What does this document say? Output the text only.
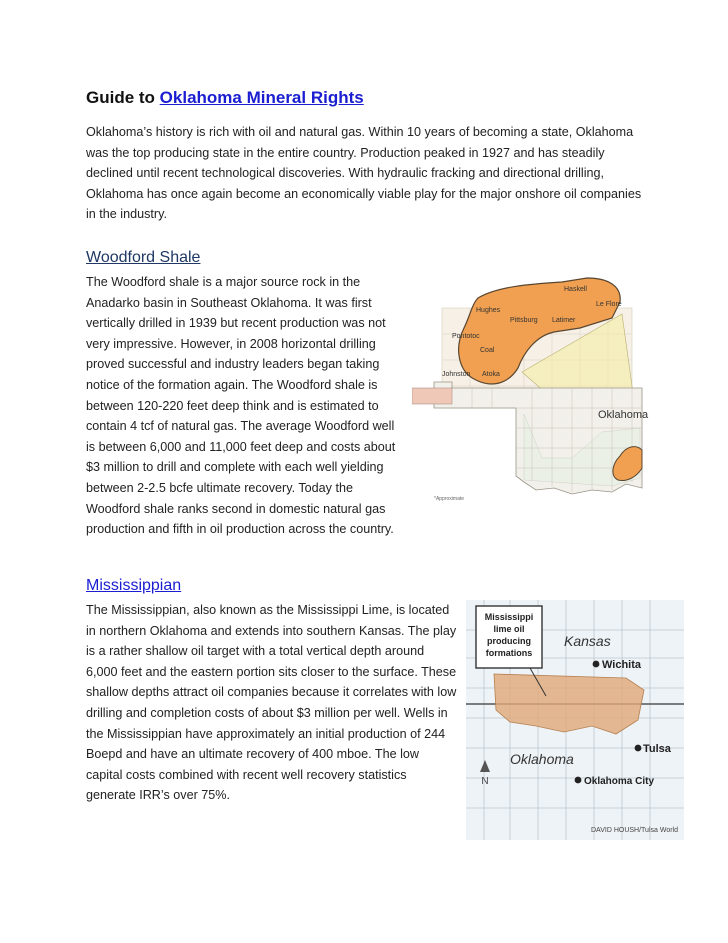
Guide to Oklahoma Mineral Rights

Oklahoma’s history is rich with oil and natural gas. Within 10 years of becoming a state, Oklahoma was the top producing state in the entire country. Production peaked in 1927 and has steadily declined until recent technological discoveries. With hydraulic fracking and directional drilling, Oklahoma has once again become an economically viable play for the major onshore oil companies in the industry.

Woodford Shale

The Woodford shale is a major source rock in the Anadarko basin in Southeast Oklahoma. It was first vertically drilled in 1939 but recent production was not very impressive. However, in 2008 horizontal drilling proved successful and industry leaders began taking notice of the formation again. The Woodford shale is between 120-220 feet deep think and is estimated to contain 4 tcf of natural gas. The average Woodford well is between 6,000 and 11,000 feet deep and costs about $3 million to drill and complete with each well yielding between 2-2.5 bcfe ultimate recovery. Today the Woodford shale ranks second in domestic natural gas production and fifth in oil production across the country.

Haskell
Le Flore
Hughes
Pittsburg Latimer
Pontotoc
Coal
Johnston Atoka
Oklahoma
*Approximate
Mississippian

The Mississippian, also known as the Mississippi Lime, is located in northern Oklahoma and extends into southern Kansas. The play is a rather shallow oil target with a total vertical depth around 6,000 feet and the eastern portion sits closer to the surface. These shallow depths attract oil companies because it correlates with low drilling and completion costs of about $3 million per well. Wells in the Mississippian have approximately an initial production of 244 Boepd and have an ultimate recovery of 400 mboe. The low capital costs combined with recent well recovery statistics generate IRR’s over 75%.

Mississippi
lime oil
producing
formations
Kansas
Wichita
Tulsa
Oklahoma
Oklahoma City
N
DAVID HOUSH/Tulsa World
